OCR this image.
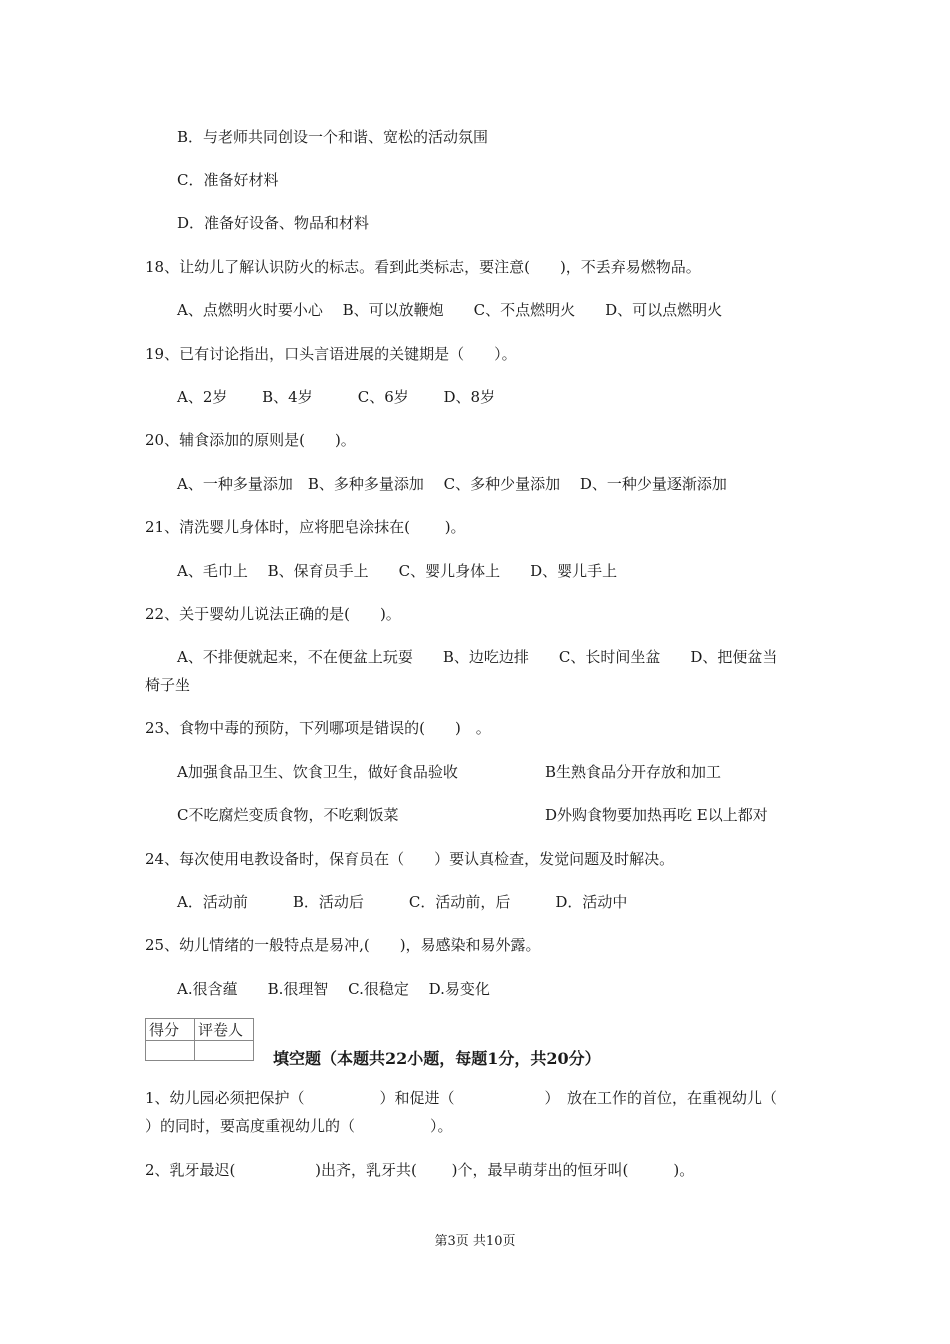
B．与老师共同创设一个和谐、宽松的活动氛围
C．准备好材料
D．准备好设备、物品和材料
18、让幼儿了解认识防火的标志。看到此类标志，要注意(　　)，不丢弃易燃物品。
A、点燃明火时要小心　 B、可以放鞭炮　　C、不点燃明火　　D、可以点燃明火
19、已有讨论指出，口头言语进展的关键期是（　　）。
A、2岁　　 B、4岁　　　C、6岁　　 D、8岁
20、辅食添加的原则是(　　)。
A、一种多量添加　B、多种多量添加　 C、多种少量添加　 D、一种少量逐渐添加
21、清洗婴儿身体时，应将肥皂涂抹在(　　 )。
A、毛巾上　 B、保育员手上　　C、婴儿身体上　　D、婴儿手上
22、关于婴幼儿说法正确的是(　　)。
A、不排便就起来，不在便盆上玩耍　　B、边吃边排　　C、长时间坐盆　　D、把便盆当
椅子坐
23、食物中毒的预防，下列哪项是错误的(　　)　。
A加强食品卫生、饮食卫生，做好食品验收	B生熟食品分开存放和加工
C不吃腐烂变质食物，不吃剩饭菜	D外购食物要加热再吃 E以上都对
24、每次使用电教设备时，保育员在（　　）要认真检查，发觉问题及时解决。
A．活动前　　　B．活动后　　　C．活动前，后　　　D．活动中
25、幼儿情绪的一般特点是易冲,(　　)，易感染和易外露。
A.很含蕴　　B.很理智　 C.很稳定　 D.易变化
得分	评卷人

填空题（本题共22小题，每题1分，共20分）
1、幼儿园必须把保护（　　　　　）和促进（　　　　　　）　放在工作的首位，在重视幼儿（
）的同时，要高度重视幼儿的（　　　　　）。
2、乳牙最迟(　　　　　 )出齐，乳牙共(　　 )个，最早萌芽出的恒牙叫(　　　)。
第3页 共10页
